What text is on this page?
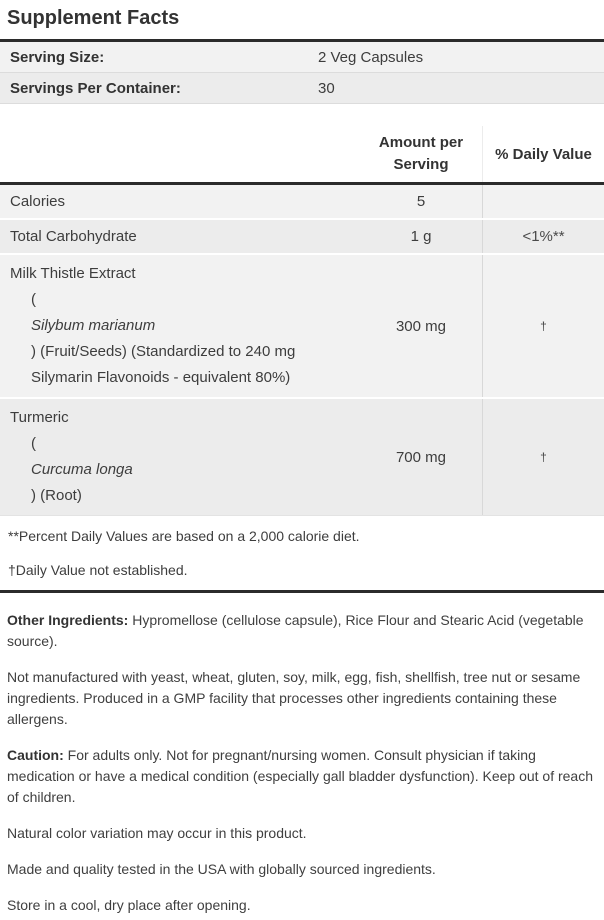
Supplement Facts
Serving Size:	2 Veg Capsules
Servings Per Container:	30
Amount per
Serving
% Daily Value
Calories	5
Total Carbohydrate	1 g	<1%**
Milk Thistle Extract
(
Silybum marianum
) (Fruit/Seeds) (Standardized to 240 mg
Silymarin Flavonoids - equivalent 80%)
300 mg	†
Turmeric
(
Curcuma longa
) (Root)
700 mg	†
**Percent Daily Values are based on a 2,000 calorie diet.
†Daily Value not established.
Other Ingredients: Hypromellose (cellulose capsule), Rice Flour and Stearic Acid (vegetable source).
Not manufactured with yeast, wheat, gluten, soy, milk, egg, fish, shellfish, tree nut or sesame ingredients. Produced in a GMP facility that processes other ingredients containing these allergens.
Caution: For adults only. Not for pregnant/nursing women. Consult physician if taking medication or have a medical condition (especially gall bladder dysfunction). Keep out of reach of children.
Natural color variation may occur in this product.
Made and quality tested in the USA with globally sourced ingredients.
Store in a cool, dry place after opening.
